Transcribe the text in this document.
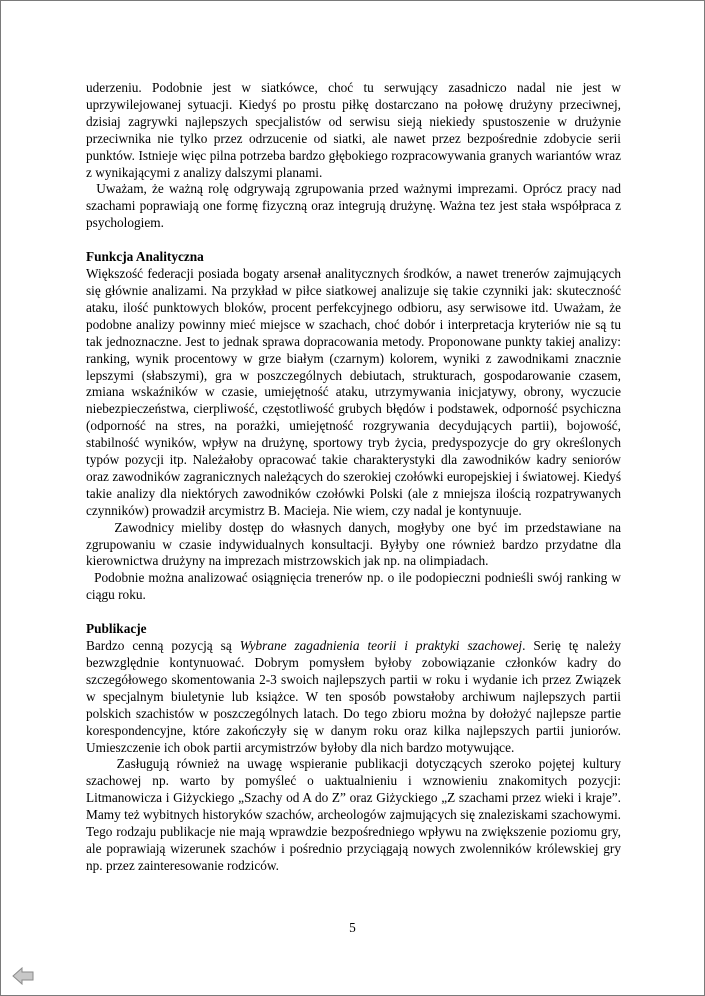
uderzeniu. Podobnie jest w siatkówce, choć tu serwujący zasadniczo nadal nie jest w uprzywilejowanej sytuacji. Kiedyś po prostu piłkę dostarczano na połowę drużyny przeciwnej, dzisiaj zagrywki najlepszych specjalistów od serwisu sieją niekiedy spustoszenie w drużynie przeciwnika nie tylko przez odrzucenie od siatki, ale nawet przez bezpośrednie zdobycie serii punktów. Istnieje więc pilna potrzeba bardzo głębokiego rozpracowywania granych wariantów wraz z wynikającymi z analizy dalszymi planami.

Uważam, że ważną rolę odgrywają zgrupowania przed ważnymi imprezami. Oprócz pracy nad szachami poprawiają one formę fizyczną oraz integrują drużynę. Ważna tez jest stała współpraca z psychologiem.

Funkcja Analityczna

Większość federacji posiada bogaty arsenał analitycznych środków, a nawet trenerów zajmujących się głównie analizami. Na przykład w piłce siatkowej analizuje się takie czynniki jak: skuteczność ataku, ilość punktowych bloków, procent perfekcyjnego odbioru, asy serwisowe itd. Uważam, że podobne analizy powinny mieć miejsce w szachach, choć dobór i interpretacja kryteriów nie są tu tak jednoznaczne. Jest to jednak sprawa dopracowania metody. Proponowane punkty takiej analizy: ranking, wynik procentowy w grze białym (czarnym) kolorem, wyniki z zawodnikami znacznie lepszymi (słabszymi), gra w poszczególnych debiutach, strukturach, gospodarowanie czasem, zmiana wskaźników w czasie, umiejętność ataku, utrzymywania inicjatywy, obrony, wyczucie niebezpieczeństwa, cierpliwość, częstotliwość grubych błędów i podstawek, odporność psychiczna (odporność na stres, na porażki, umiejętność rozgrywania decydujących partii), bojowość, stabilność wyników, wpływ na drużynę, sportowy tryb życia, predyspozycje do gry określonych typów pozycji itp. Należałoby opracować takie charakterystyki dla zawodników kadry seniorów oraz zawodników zagranicznych należących do szerokiej czołówki europejskiej i światowej. Kiedyś takie analizy dla niektórych zawodników czołówki Polski (ale z mniejsza ilością rozpatrywanych czynników) prowadził arcymistrz B. Macieja. Nie wiem, czy nadal je kontynuuje.

Zawodnicy mieliby dostęp do własnych danych, mogłyby one być im przedstawiane na zgrupowaniu w czasie indywidualnych konsultacji. Byłyby one również bardzo przydatne dla kierownictwa drużyny na imprezach mistrzowskich jak np. na olimpiadach.

Podobnie można analizować osiągnięcia trenerów np. o ile podopieczni podnieśli swój ranking w ciągu roku.

Publikacje

Bardzo cenną pozycją są Wybrane zagadnienia teorii i praktyki szachowej. Serię tę należy bezwzględnie kontynuować. Dobrym pomysłem byłoby zobowiązanie członków kadry do szczegółowego skomentowania 2-3 swoich najlepszych partii w roku i wydanie ich przez Związek w specjalnym biuletynie lub książce. W ten sposób powstałoby archiwum najlepszych partii polskich szachistów w poszczególnych latach. Do tego zbioru można by dołożyć najlepsze partie korespondencyjne, które zakończyły się w danym roku oraz kilka najlepszych partii juniorów. Umieszczenie ich obok partii arcymistrzów byłoby dla nich bardzo motywujące.

Zasługują również na uwagę wspieranie publikacji dotyczących szeroko pojętej kultury szachowej np. warto by pomyśleć o uaktualnieniu i wznowieniu znakomitych pozycji: Litmanowicza i Giżyckiego „Szachy od A do Z” oraz Giżyckiego „Z szachami przez wieki i kraje”. Mamy też wybitnych historyków szachów, archeologów zajmujących się znaleziskami szachowymi. Tego rodzaju publikacje nie mają wprawdzie bezpośredniego wpływu na zwiększenie poziomu gry, ale poprawiają wizerunek szachów i pośrednio przyciągają nowych zwolenników królewskiej gry np. przez zainteresowanie rodziców.

5
